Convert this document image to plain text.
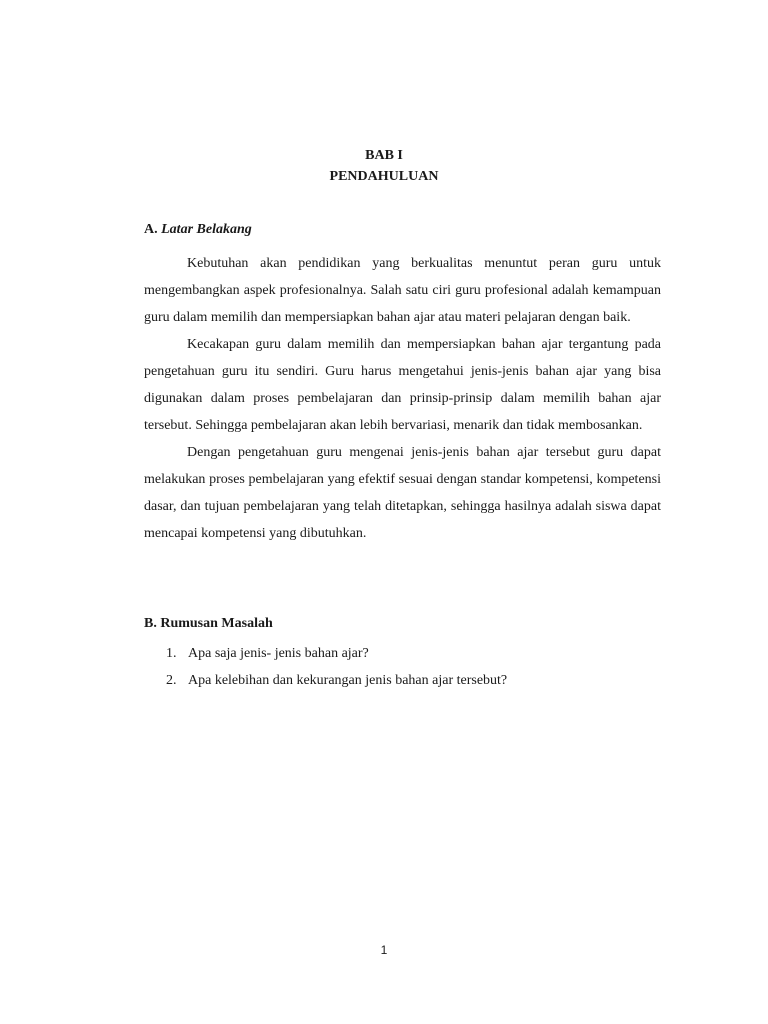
BAB I
PENDAHULUAN
A. Latar Belakang

Kebutuhan akan pendidikan yang berkualitas menuntut peran guru untuk mengembangkan aspek profesionalnya. Salah satu ciri guru profesional adalah kemampuan guru dalam memilih dan mempersiapkan bahan ajar atau materi pelajaran dengan baik.

Kecakapan guru dalam memilih dan mempersiapkan bahan ajar tergantung pada pengetahuan guru itu sendiri. Guru harus mengetahui jenis-jenis bahan ajar yang bisa digunakan dalam proses pembelajaran dan prinsip-prinsip dalam memilih bahan ajar tersebut. Sehingga pembelajaran akan lebih bervariasi, menarik dan tidak membosankan.

Dengan pengetahuan guru mengenai jenis-jenis bahan ajar tersebut guru dapat melakukan proses pembelajaran yang efektif sesuai dengan standar kompetensi, kompetensi dasar, dan tujuan pembelajaran yang telah ditetapkan, sehingga hasilnya adalah siswa dapat mencapai kompetensi yang dibutuhkan.

B. Rumusan Masalah
1. Apa saja jenis- jenis bahan ajar?
2. Apa kelebihan dan kekurangan jenis bahan ajar tersebut?
1
